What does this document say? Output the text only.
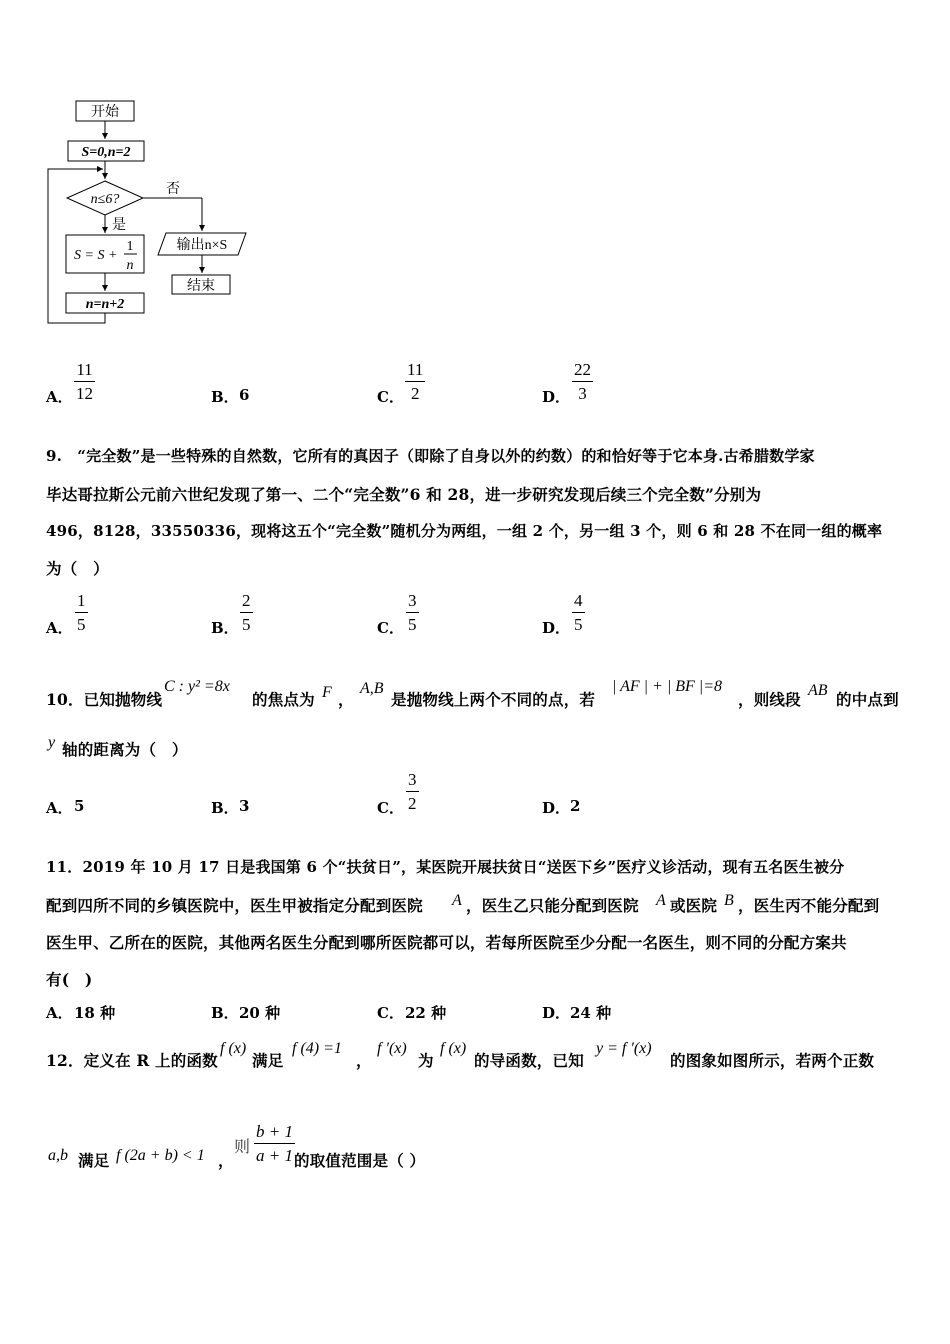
开始
S=0,n=2
n≤6?
否
是
S = S +
1
n
n=n+2
输出n×S
结束
A．
11
12	B． 6	C．
11
2	D．
22
3
9.　“完全数”是一些特殊的自然数，它所有的真因子（即除了自身以外的约数）的和恰好等于它本身.古希腊数学家
毕达哥拉斯公元前六世纪发现了第一、二个“完全数”6 和 28，进一步研究发现后续三个完全数”分别为
496，8128，33550336，现将这五个“完全数”随机分为两组，一组 2 个，另一组 3 个，则 6 和 28 不在同一组的概率
为（　）
A．
1
5	B．
2
5	C．
3
5	D．
4
5
10．已知抛物线
C : y² =8x
的焦点为 F ，
A,B
是抛物线上两个不同的点，若
| AF | + | BF |=8
，则线段 AB 的中点到
y 轴的距离为（　）
A． 5	B． 3	C．
3
2	D． 2
11．2019 年 10 月 17 日是我国第 6 个“扶贫日”，某医院开展扶贫日“送医下乡”医疗义诊活动，现有五名医生被分
配到四所不同的乡镇医院中，医生甲被指定分配到医院 A ，医生乙只能分配到医院 A 或医院 B ，医生丙不能分配到
医生甲、乙所在的医院，其他两名医生分配到哪所医院都可以，若每所医院至少分配一名医生，则不同的分配方案共
有(　)
A． 18 种	B． 20 种	C． 22 种	D． 24 种
12．定义在 R 上的函数
f (x)
满足
f (4) =1
，
f ′(x)
为
f (x)
的导函数，已知
y = f ′(x)
的图象如图所示，若两个正数
a,b 满足 f (2a + b) < 1 ，
则
b + 1
a + 1 的取值范围是（ ）
